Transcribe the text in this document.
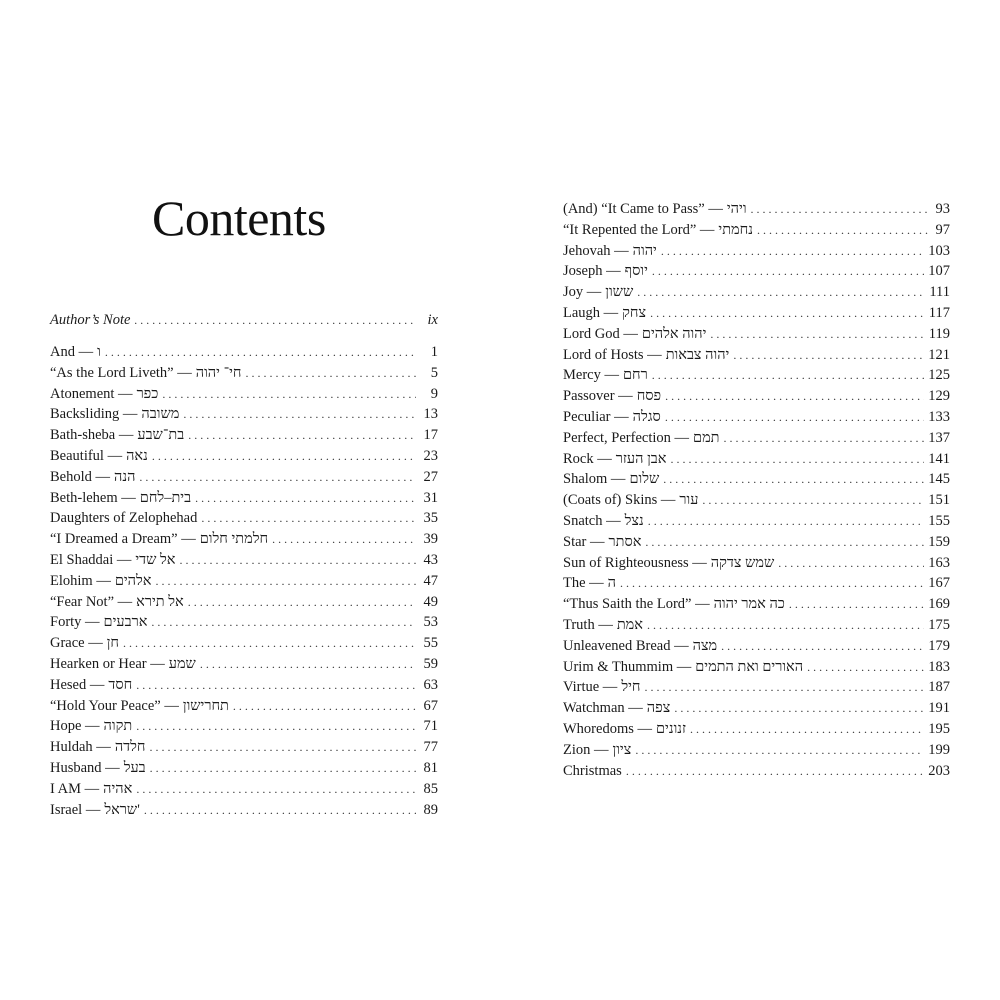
Contents
Author’s Note . . .	ix
And — ו . . .	1
“As the Lord Liveth” — חי־ יהוה . . .	5
Atonement — כפר . . .	9
Backsliding — משובה . . .	13
Bath-sheba — בת־שבע . . .	17
Beautiful — נאה . . .	23
Behold — הנה . . .	27
Beth-lehem — בית–לחם . . .	31
Daughters of Zelophehad . . .	35
“I Dreamed a Dream” — חלמתי חלום . . .	39
El Shaddai — אל שדי . . .	43
Elohim — אלהים . . .	47
“Fear Not” — אל תירא . . .	49
Forty — ארבעים . . .	53
Grace — חן . . .	55
Hearken or Hear — שמע . . .	59
Hesed — חסד . . .	63
“Hold Your Peace” — תחרישון . . .	67
Hope — תקוה . . .	71
Huldah — חלדה . . .	77
Husband — בעל . . .	81
I AM — אהיה . . .	85
Israel — 'שראל . . .	89
(And) “It Came to Pass” — ויהי . . .	93
“It Repented the Lord” — נחמתי . . .	97
Jehovah — יהוה . . .	103
Joseph — יוסף . . .	107
Joy — ששון . . .	111
Laugh — צחק . . .	117
Lord God — יהוה אלהים . . .	119
Lord of Hosts — יהוה צבאות . . .	121
Mercy — רחם . . .	125
Passover — פסח . . .	129
Peculiar — סגלה . . .	133
Perfect, Perfection — תמם . . .	137
Rock — אבן העזר . . .	141
Shalom — שלום . . .	145
(Coats of) Skins — עור . . .	151
Snatch — נצל . . .	155
Star — אסתר . . .	159
Sun of Righteousness — שמש צדקה . . .	163
The — ה . . .	167
“Thus Saith the Lord” — כה אמר יהוה . . .	169
Truth — אמת . . .	175
Unleavened Bread — מצה . . .	179
Urim & Thummim — האורים ואת התמים . . .	183
Virtue — חיל . . .	187
Watchman — צפה . . .	191
Whoredoms — זנונים . . .	195
Zion — ציון . . .	199
Christmas . . .	203
